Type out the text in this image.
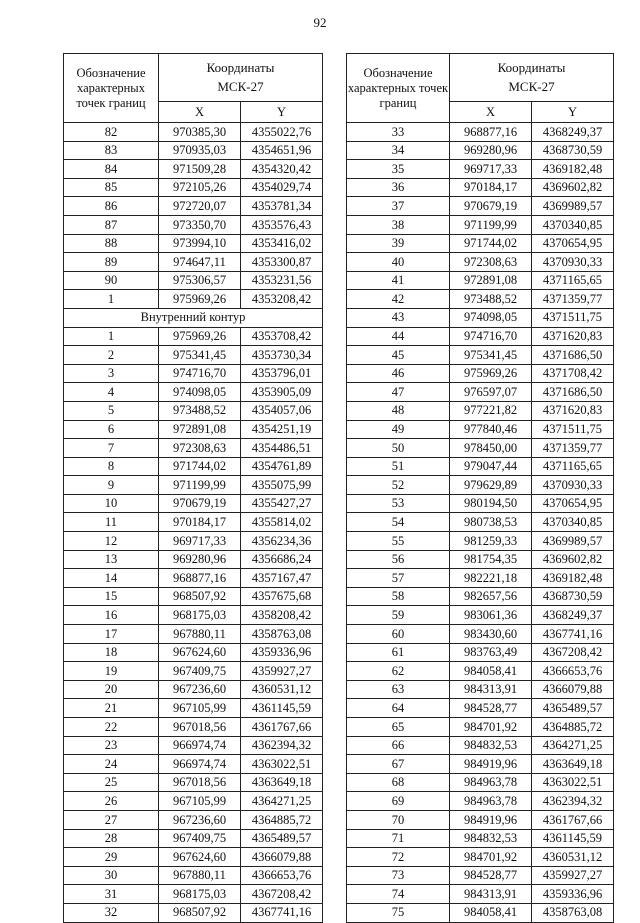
92
Обозначение характерных точек границ	Координаты
МСК-27	
	X	Y
82	970385,30	4355022,76
83	970935,03	4354651,96
84	971509,28	4354320,42
85	972105,26	4354029,74
86	972720,07	4353781,34
87	973350,70	4353576,43
88	973994,10	4353416,02
89	974647,11	4353300,87
90	975306,57	4353231,56
1	975969,26	4353208,42
Внутренний контур		
1	975969,26	4353708,42
2	975341,45	4353730,34
3	974716,70	4353796,01
4	974098,05	4353905,09
5	973488,52	4354057,06
6	972891,08	4354251,19
7	972308,63	4354486,51
8	971744,02	4354761,89
9	971199,99	4355075,99
10	970679,19	4355427,27
11	970184,17	4355814,02
12	969717,33	4356234,36
13	969280,96	4356686,24
14	968877,16	4357167,47
15	968507,92	4357675,68
16	968175,03	4358208,42
17	967880,11	4358763,08
18	967624,60	4359336,96
19	967409,75	4359927,27
20	967236,60	4360531,12
21	967105,99	4361145,59
22	967018,56	4361767,66
23	966974,74	4362394,32
24	966974,74	4363022,51
25	967018,56	4363649,18
26	967105,99	4364271,25
27	967236,60	4364885,72
28	967409,75	4365489,57
29	967624,60	4366079,88
30	967880,11	4366653,76
31	968175,03	4367208,42
32	968507,92	4367741,16
Обозначение характерных точек границ	Координаты
МСК-27	
	X	Y
33	968877,16	4368249,37
34	969280,96	4368730,59
35	969717,33	4369182,48
36	970184,17	4369602,82
37	970679,19	4369989,57
38	971199,99	4370340,85
39	971744,02	4370654,95
40	972308,63	4370930,33
41	972891,08	4371165,65
42	973488,52	4371359,77
43	974098,05	4371511,75
44	974716,70	4371620,83
45	975341,45	4371686,50
46	975969,26	4371708,42
47	976597,07	4371686,50
48	977221,82	4371620,83
49	977840,46	4371511,75
50	978450,00	4371359,77
51	979047,44	4371165,65
52	979629,89	4370930,33
53	980194,50	4370654,95
54	980738,53	4370340,85
55	981259,33	4369989,57
56	981754,35	4369602,82
57	982221,18	4369182,48
58	982657,56	4368730,59
59	983061,36	4368249,37
60	983430,60	4367741,16
61	983763,49	4367208,42
62	984058,41	4366653,76
63	984313,91	4366079,88
64	984528,77	4365489,57
65	984701,92	4364885,72
66	984832,53	4364271,25
67	984919,96	4363649,18
68	984963,78	4363022,51
69	984963,78	4362394,32
70	984919,96	4361767,66
71	984832,53	4361145,59
72	984701,92	4360531,12
73	984528,77	4359927,27
74	984313,91	4359336,96
75	984058,41	4358763,08
